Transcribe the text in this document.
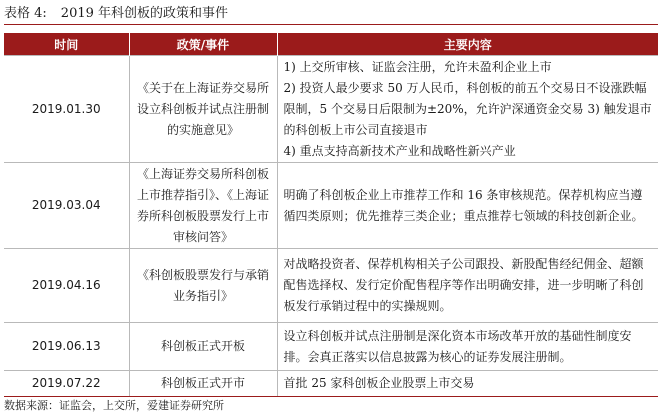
表格 4: 2019 年科创板的政策和事件
时间	政策/事件	主要内容
2019.01.30	《关于在上海证券交易所设立科创板并试点注册制的实施意见》	1) 上交所审核、证监会注册，允许未盈利企业上市
2) 投资人最少要求 50 万人民币，科创板的前五个交易日不设涨跌幅限制，5 个交易日后限制为±20%，允许沪深通资金交易 3) 触发退市的科创板上市公司直接退市
4) 重点支持高新技术产业和战略性新兴产业

2019.03.04	《上海证券交易所科创板上市推荐指引》、《上海证券所科创板股票发行上市审核问答》	明确了科创板企业上市推荐工作和 16 条审核规范。保荐机构应当遵循四类原则；优先推荐三类企业；重点推荐七领域的科技创新企业。

2019.04.16	《科创板股票发行与承销业务指引》	对战略投资者、保荐机构相关子公司跟投、新股配售经纪佣金、超额配售选择权、发行定价配售程序等作出明确安排，进一步明晰了科创板发行承销过程中的实操规则。

2019.06.13	科创板正式开板	设立科创板并试点注册制是深化资本市场改革开放的基础性制度安排。会真正落实以信息披露为核心的证券发展注册制。

2019.07.22	科创板正式开市	首批 25 家科创板企业股票上市交易
数据来源：证监会，上交所，爱建证券研究所
